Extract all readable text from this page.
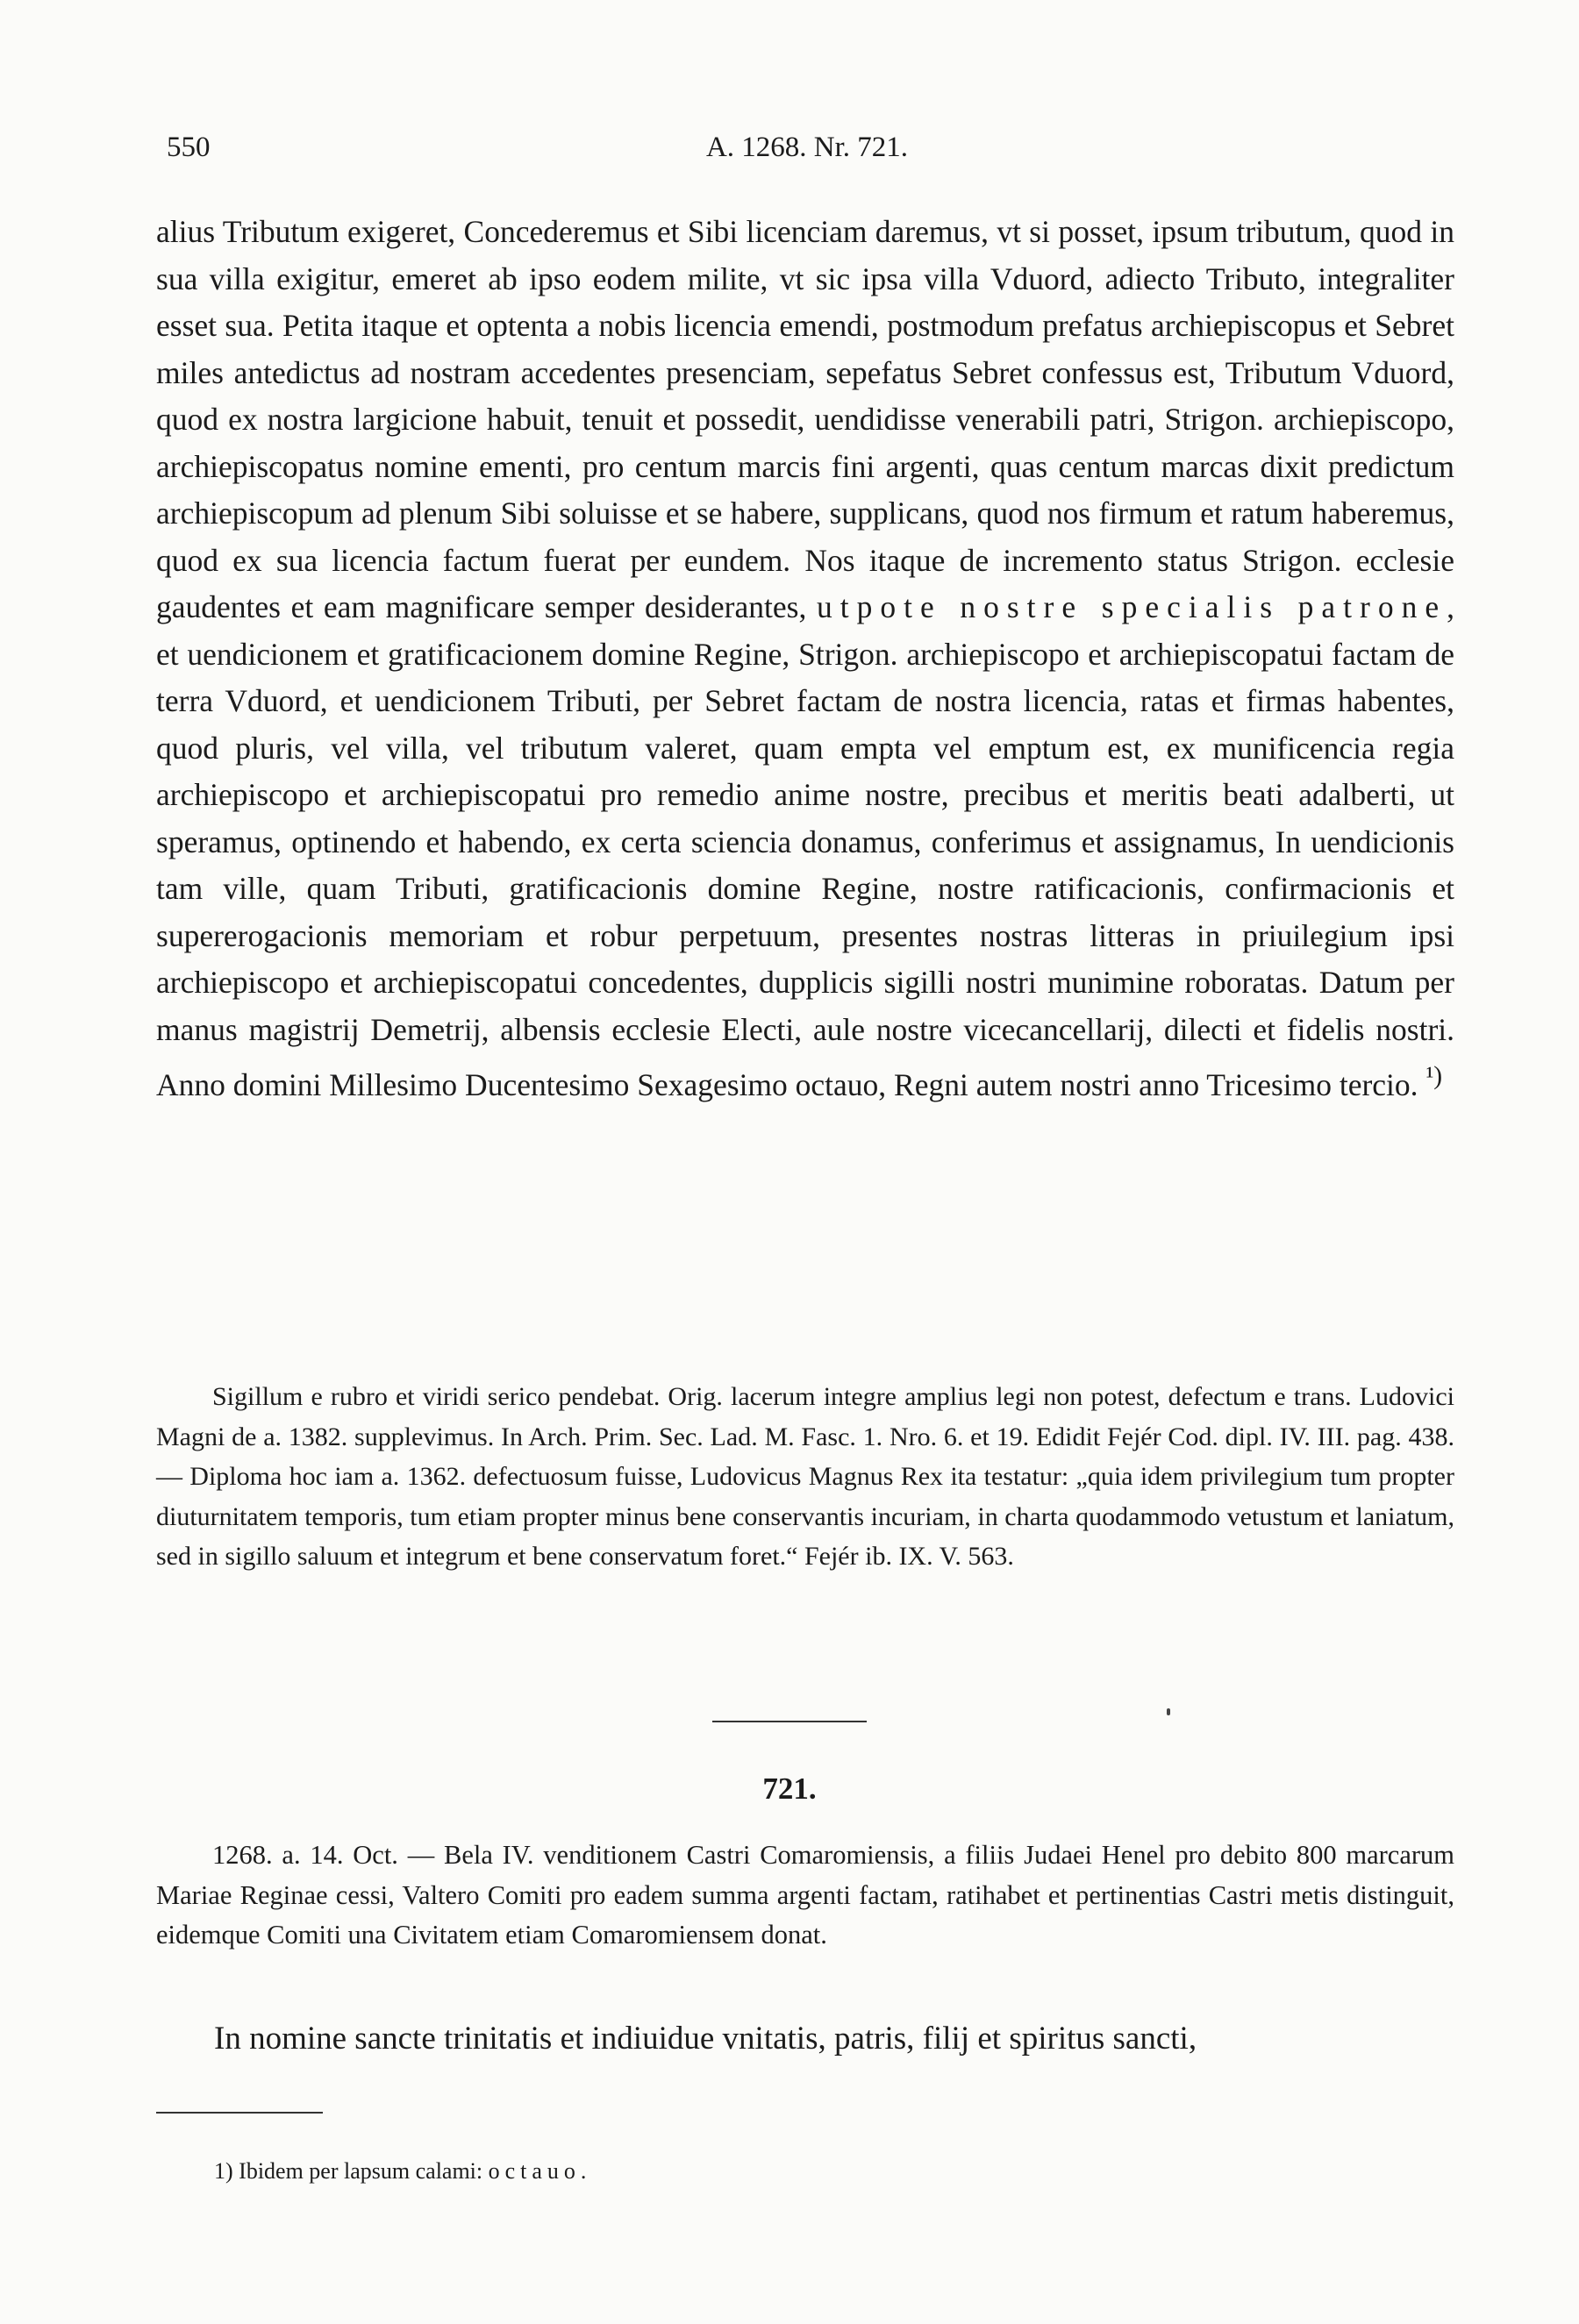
550	A. 1268. Nr. 721.

alius Tributum exigeret, Concederemus et Sibi licenciam daremus, vt si posset, ipsum tributum, quod in sua villa exigitur, emeret ab ipso eodem milite, vt sic ipsa villa Vduord, adiecto Tributo, integraliter esset sua. Petita itaque et optenta a nobis licencia emendi, postmodum prefatus archiepiscopus et Sebret miles antedictus ad nostram accedentes presenciam, sepefatus Sebret confessus est, Tributum Vduord, quod ex nostra largicione habuit, tenuit et possedit, uendidisse venerabili patri, Strigon. archiepiscopo, archiepiscopatus nomine ementi, pro centum marcis fini argenti, quas centum marcas dixit predictum archiepiscopum ad plenum Sibi soluisse et se habere, supplicans, quod nos firmum et ratum haberemus, quod ex sua licencia factum fuerat per eundem. Nos itaque de incremento status Strigon. ecclesie gaudentes et eam magnificare semper desiderantes, utpote nostre specialis patrone, et uendicionem et gratificacionem domine Regine, Strigon. archiepiscopo et archiepiscopatui factam de terra Vduord, et uendicionem Tributi, per Sebret factam de nostra licencia, ratas et firmas habentes, quod pluris, vel villa, vel tributum valeret, quam empta vel emptum est, ex munificencia regia archiepiscopo et archiepiscopatui pro remedio anime nostre, precibus et meritis beati adalberti, ut speramus, optinendo et habendo, ex certa sciencia donamus, conferimus et assignamus, In uendicionis tam ville, quam Tributi, gratificacionis domine Regine, nostre ratificacionis, confirmacionis et supererogacionis memoriam et robur perpetuum, presentes nostras litteras in priuilegium ipsi archiepiscopo et archiepiscopatui concedentes, dupplicis sigilli nostri munimine roboratas. Datum per manus magistrij Demetrij, albensis ecclesie Electi, aule nostre vicecancellarij, dilecti et fidelis nostri. Anno domini Millesimo Ducentesimo Sexagesimo octauo, Regni autem nostri anno Tricesimo tercio. $^{^1)}$

Sigillum e rubro et viridi serico pendebat. Orig. lacerum integre amplius legi non potest, defectum e trans. Ludovici Magni de a. 1382. supplevimus. In Arch. Prim. Sec. Lad. M. Fasc. 1. Nro. 6. et 19. Edidit Fejér Cod. dipl. IV. III. pag. 438. — Diploma hoc iam a. 1362. defectuosum fuisse, Ludovicus Magnus Rex ita testatur: „quia idem privilegium tum propter diuturnitatem temporis, tum etiam propter minus bene conservantis incuriam, in charta quodammodo vetustum et laniatum, sed in sigillo saluum et integrum et bene conservatum foret.“ Fejér ib. IX. V. 563.

721.

1268. a. 14. Oct. — Bela IV. venditionem Castri Comaromiensis, a filiis Judaei Henel pro debito 800 marcarum Mariae Reginae cessi, Valtero Comiti pro eadem summa argenti factam, ratihabet et pertinentias Castri metis distinguit, eidemque Comiti una Civitatem etiam Comaromiensem donat.

In nomine sancte trinitatis et indiuidue vnitatis, patris, filij et spiritus sancti,

1) Ibidem per lapsum calami: octauo.
